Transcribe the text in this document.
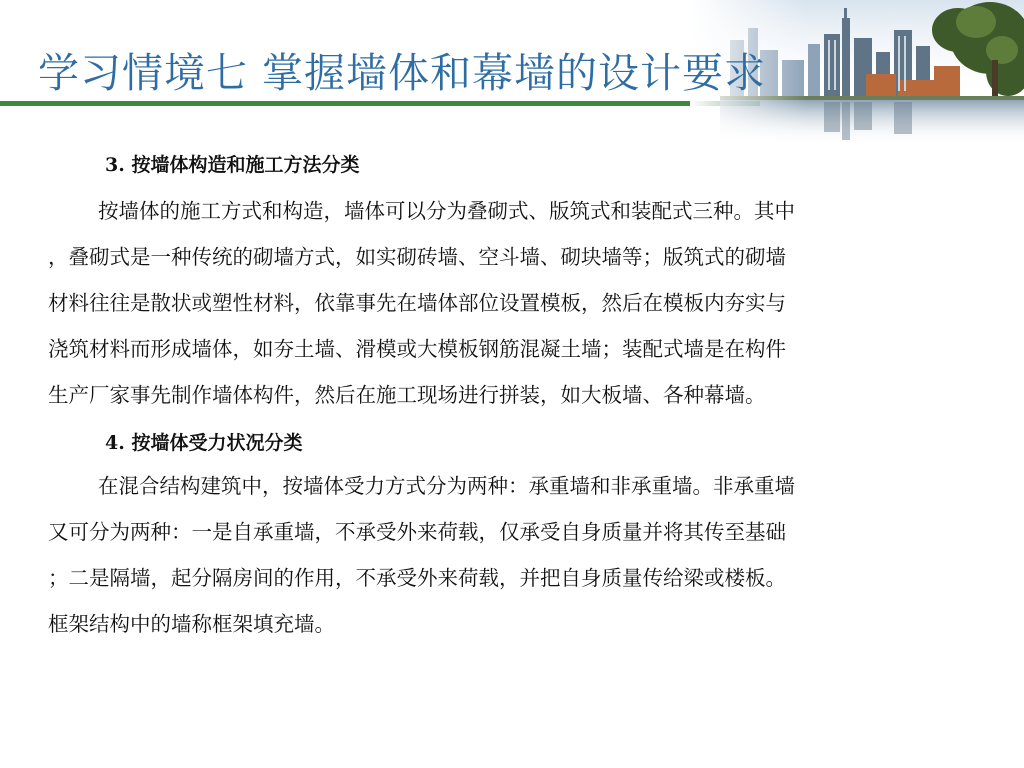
学习情境七 掌握墙体和幕墙的设计要求
3. 按墙体构造和施工方法分类

按墙体的施工方式和构造，墙体可以分为叠砌式、版筑式和装配式三种。其中
，叠砌式是一种传统的砌墙方式，如实砌砖墙、空斗墙、砌块墙等；版筑式的砌墙
材料往往是散状或塑性材料，依靠事先在墙体部位设置模板，然后在模板内夯实与
浇筑材料而形成墙体，如夯土墙、滑模或大模板钢筋混凝土墙；装配式墙是在构件
生产厂家事先制作墙体构件，然后在施工现场进行拼装，如大板墙、各种幕墙。

4. 按墙体受力状况分类

在混合结构建筑中，按墙体受力方式分为两种：承重墙和非承重墙。非承重墙
又可分为两种：一是自承重墙，不承受外来荷载，仅承受自身质量并将其传至基础
；二是隔墙，起分隔房间的作用，不承受外来荷载，并把自身质量传给梁或楼板。
框架结构中的墙称框架填充墙。
